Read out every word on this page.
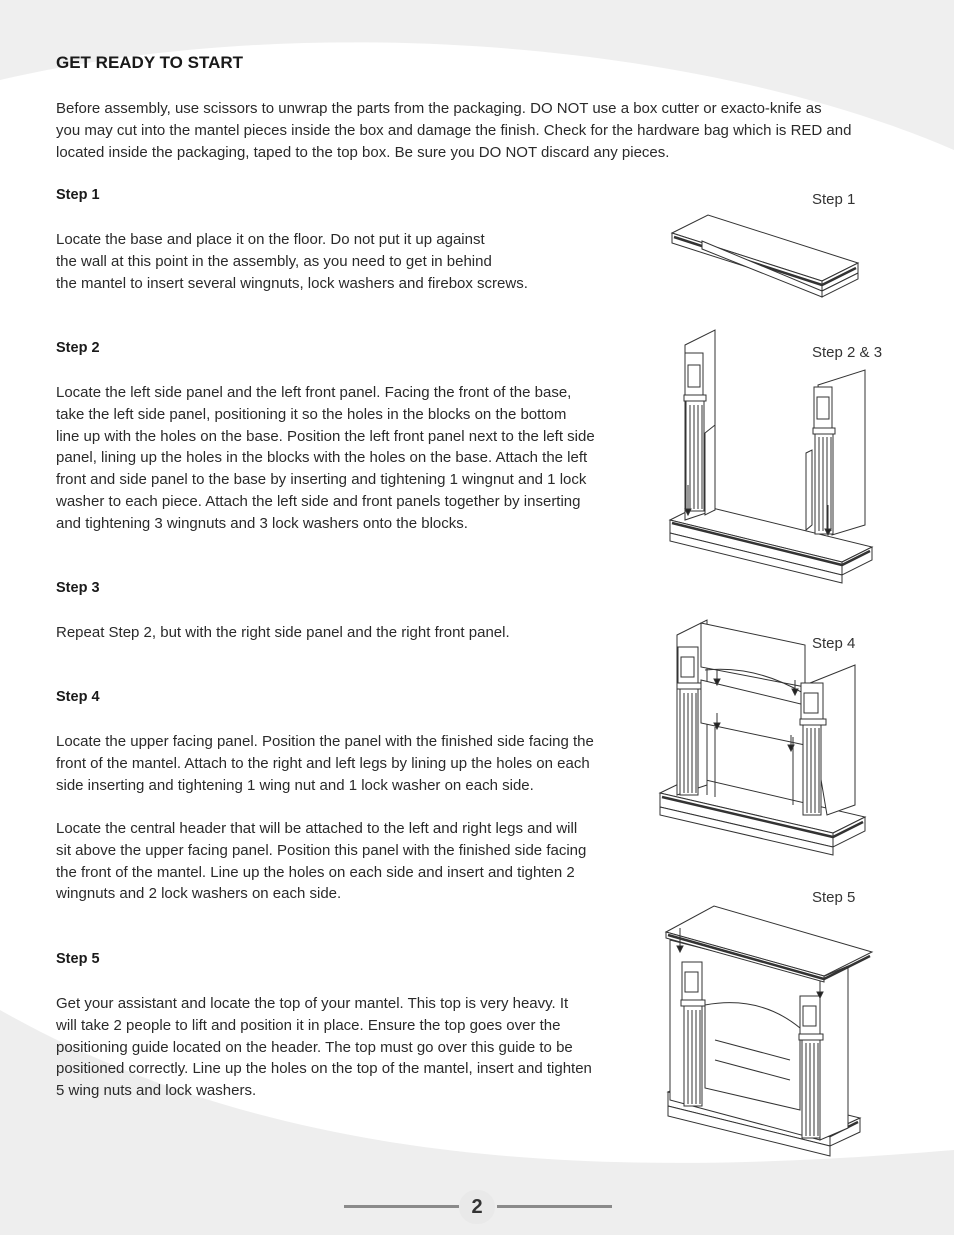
GET READY TO START
Before assembly, use scissors to unwrap the parts from the packaging. DO NOT use a box cutter or exacto-knife as
you may cut into the mantel pieces inside the box and damage the finish. Check for the hardware bag which is RED and
located inside the packaging, taped to the top box. Be sure you DO NOT discard any pieces.
Step 1
Locate the base and place it on the floor. Do not put it up against
the wall at this point in the assembly, as you need to get in behind
the mantel to insert several wingnuts, lock washers and firebox screws.
Step 2
Locate the left side panel and the left front panel. Facing the front of the base,
take the left side panel, positioning it so the holes in the blocks on the bottom
line up with the holes on the base. Position the left front panel next to the left side
panel, lining up the holes in the blocks with the holes on the base. Attach the left
front and side panel to the base by inserting and tightening 1 wingnut and 1 lock
washer to each piece. Attach the left side and front panels together by inserting
and tightening 3 wingnuts and 3 lock washers onto the blocks.
Step 3
Repeat Step 2, but with the right side panel and the right front panel.
Step 4
Locate the upper facing panel. Position the panel with the finished side facing the
front of the mantel. Attach to the right and left legs by lining up the holes on each
side inserting and tightening 1 wing nut and 1 lock washer on each side.
Locate the central header that will be attached to the left and right legs and will
sit above the upper facing panel. Position this panel with the finished side facing
the front of the mantel. Line up the holes on each side and insert and tighten 2
wingnuts and 2 lock washers on each side.
Step 5
Get your assistant and locate the top of your mantel. This top is very heavy. It
will take 2 people to lift and position it in place. Ensure the top goes over the
positioning guide located on the header. The top must go over this guide to be
positioned correctly. Line up the holes on the top of the mantel, insert and tighten
5 wing nuts and lock washers.
Step 1
Step 2 & 3
Step 4
Step 5
2
